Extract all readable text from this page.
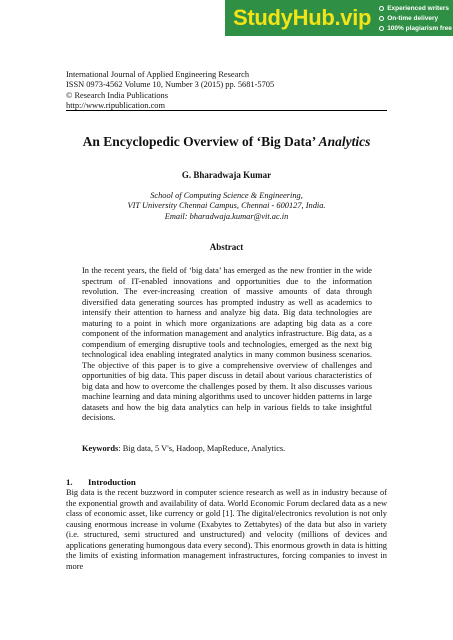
StudyHub.vip Experienced writers
On-time delivery
100% plagiarism free
International Journal of Applied Engineering Research
ISSN 0973-4562 Volume 10, Number 3 (2015) pp. 5681-5705
© Research India Publications
http://www.ripublication.com
An Encyclopedic Overview of ‘Big Data’ Analytics
G. Bharadwaja Kumar
School of Computing Science & Engineering,
VIT University Chennai Campus, Chennai - 600127, India.
Email: bharadwaja.kumar@vit.ac.in
Abstract
In the recent years, the field of ‘big data’ has emerged as the new frontier in the wide spectrum of IT-enabled innovations and opportunities due to the information revolution. The ever-increasing creation of massive amounts of data through diversified data generating sources has prompted industry as well as academics to intensify their attention to harness and analyze big data. Big data technologies are maturing to a point in which more organizations are adapting big data as a core component of the information management and analytics infrastructure. Big data, as a compendium of emerging disruptive tools and technologies, emerged as the next big technological idea enabling integrated analytics in many common business scenarios. The objective of this paper is to give a comprehensive overview of challenges and opportunities of big data. This paper discuss in detail about various characteristics of big data and how to overcome the challenges posed by them. It also discusses various machine learning and data mining algorithms used to uncover hidden patterns in large datasets and how the big data analytics can help in various fields to take insightful decisions.
Keywords: Big data, 5 V's, Hadoop, MapReduce, Analytics.
1. Introduction
Big data is the recent buzzword in computer science research as well as in industry because of the exponential growth and availability of data. World Economic Forum declared data as a new class of economic asset, like currency or gold [1]. The digital/electronics revolution is not only causing enormous increase in volume (Exabytes to Zettabytes) of the data but also in variety (i.e. structured, semi structured and unstructured) and velocity (millions of devices and applications generating humongous data every second). This enormous growth in data is hitting the limits of existing information management infrastructures, forcing companies to invest in more
